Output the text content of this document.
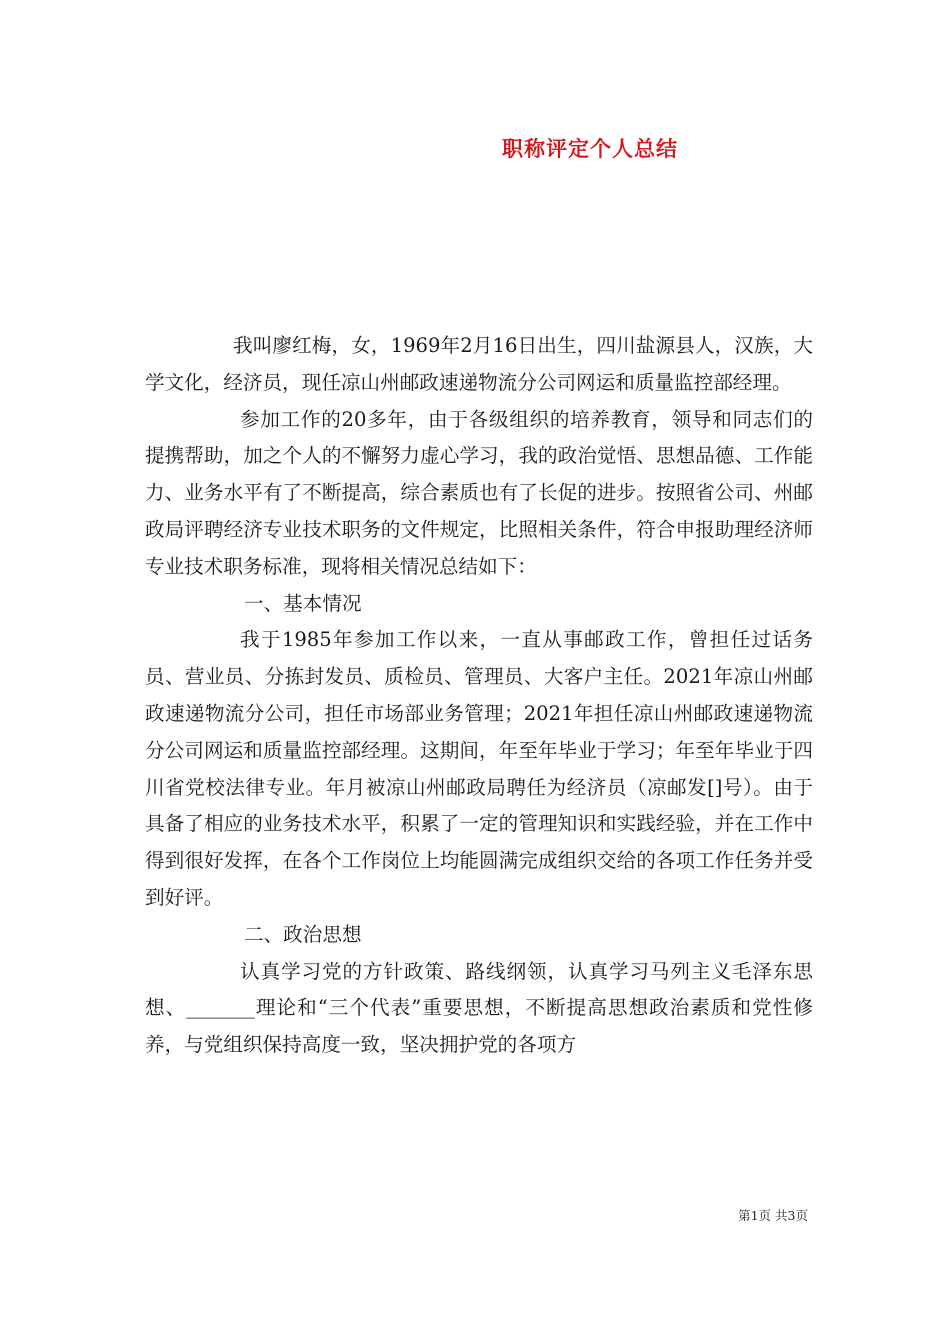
职称评定个人总结

我叫廖红梅，女，1969年2月16日出生，四川盐源县人，汉族，大学文化，经济员，现任凉山州邮政速递物流分公司网运和质量监控部经理。

参加工作的20多年，由于各级组织的培养教育，领导和同志们的提携帮助，加之个人的不懈努力虚心学习，我的政治觉悟、思想品德、工作能力、业务水平有了不断提高，综合素质也有了长促的进步。按照省公司、州邮政局评聘经济专业技术职务的文件规定，比照相关条件，符合申报助理经济师专业技术职务标准，现将相关情况总结如下：

一、基本情况

我于1985年参加工作以来，一直从事邮政工作，曾担任过话务员、营业员、分拣封发员、质检员、管理员、大客户主任。2021年凉山州邮政速递物流分公司，担任市场部业务管理；2021年担任凉山州邮政速递物流分公司网运和质量监控部经理。这期间，年至年毕业于学习；年至年毕业于四川省党校法律专业。年月被凉山州邮政局聘任为经济员（凉邮发[]号）。由于具备了相应的业务技术水平，积累了一定的管理知识和实践经验，并在工作中得到很好发挥，在各个工作岗位上均能圆满完成组织交给的各项工作任务并受到好评。

二、政治思想

认真学习党的方针政策、路线纲领，认真学习马列主义毛泽东思想、_______理论和“三个代表”重要思想，不断提高思想政治素质和党性修养，与党组织保持高度一致，坚决拥护党的各项方

第1页 共3页
